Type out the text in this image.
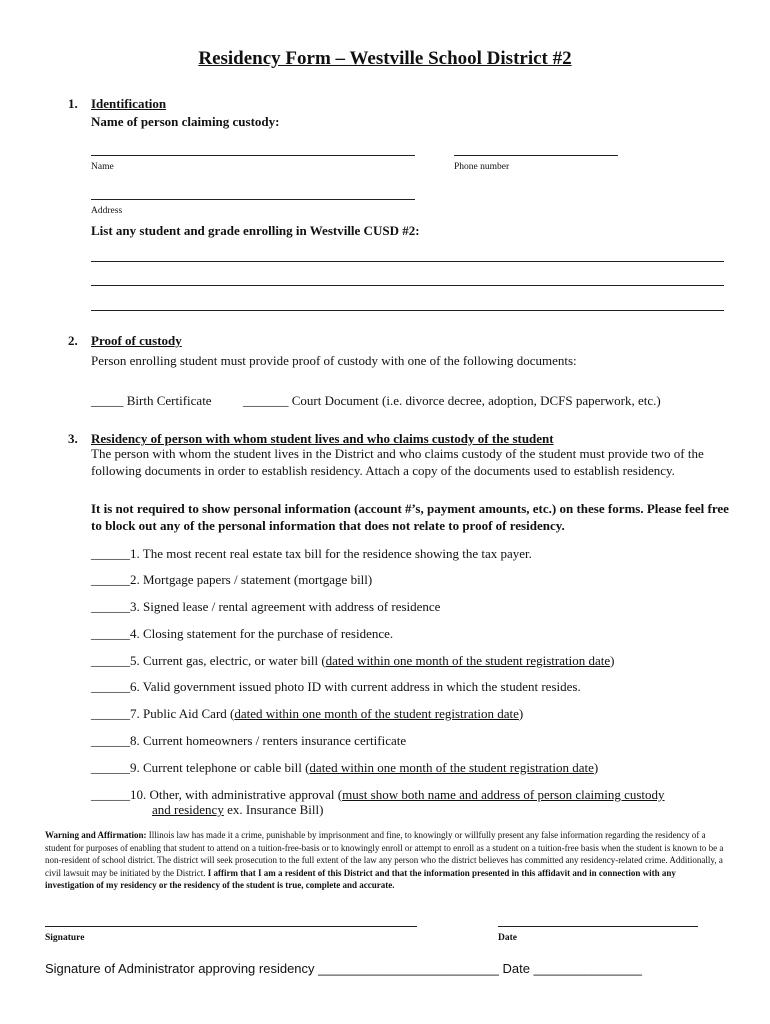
Residency Form – Westville School District #2
1. Identification
Name of person claiming custody:
Name	Phone number
Address
List any student and grade enrolling in Westville CUSD #2:
2. Proof of custody
Person enrolling student must provide proof of custody with one of the following documents:
_____ Birth Certificate _______ Court Document (i.e. divorce decree, adoption, DCFS paperwork, etc.)
3. Residency of person with whom student lives and who claims custody of the student
The person with whom the student lives in the District and who claims custody of the student must provide two of the following documents in order to establish residency. Attach a copy of the documents used to establish residency.
It is not required to show personal information (account #’s, payment amounts, etc.) on these forms. Please feel free to block out any of the personal information that does not relate to proof of residency.
______1. The most recent real estate tax bill for the residence showing the tax payer.
______2. Mortgage papers / statement (mortgage bill)
______3. Signed lease / rental agreement with address of residence
______4. Closing statement for the purchase of residence.
______5. Current gas, electric, or water bill (dated within one month of the student registration date)
______6. Valid government issued photo ID with current address in which the student resides.
______7. Public Aid Card (dated within one month of the student registration date)
______8. Current homeowners / renters insurance certificate
______9. Current telephone or cable bill (dated within one month of the student registration date)
______10. Other, with administrative approval (must show both name and address of person claiming custody
and residency ex. Insurance Bill)
Warning and Affirmation: Illinois law has made it a crime, punishable by imprisonment and fine, to knowingly or willfully present any false information regarding the residency of a student for purposes of enabling that student to attend on a tuition-free-basis or to knowingly enroll or attempt to enroll as a student on a tuition-free basis when the student is known to be a non-resident of school district. The district will seek prosecution to the full extent of the law any person who the district believes has committed any residency-related crime. Additionally, a civil lawsuit may be initiated by the District. I affirm that I am a resident of this District and that the information presented in this affidavit and in connection with any investigation of my residency or the residency of the student is true, complete and accurate.
Signature	Date
Signature of Administrator approving residency _________________________ Date _______________
